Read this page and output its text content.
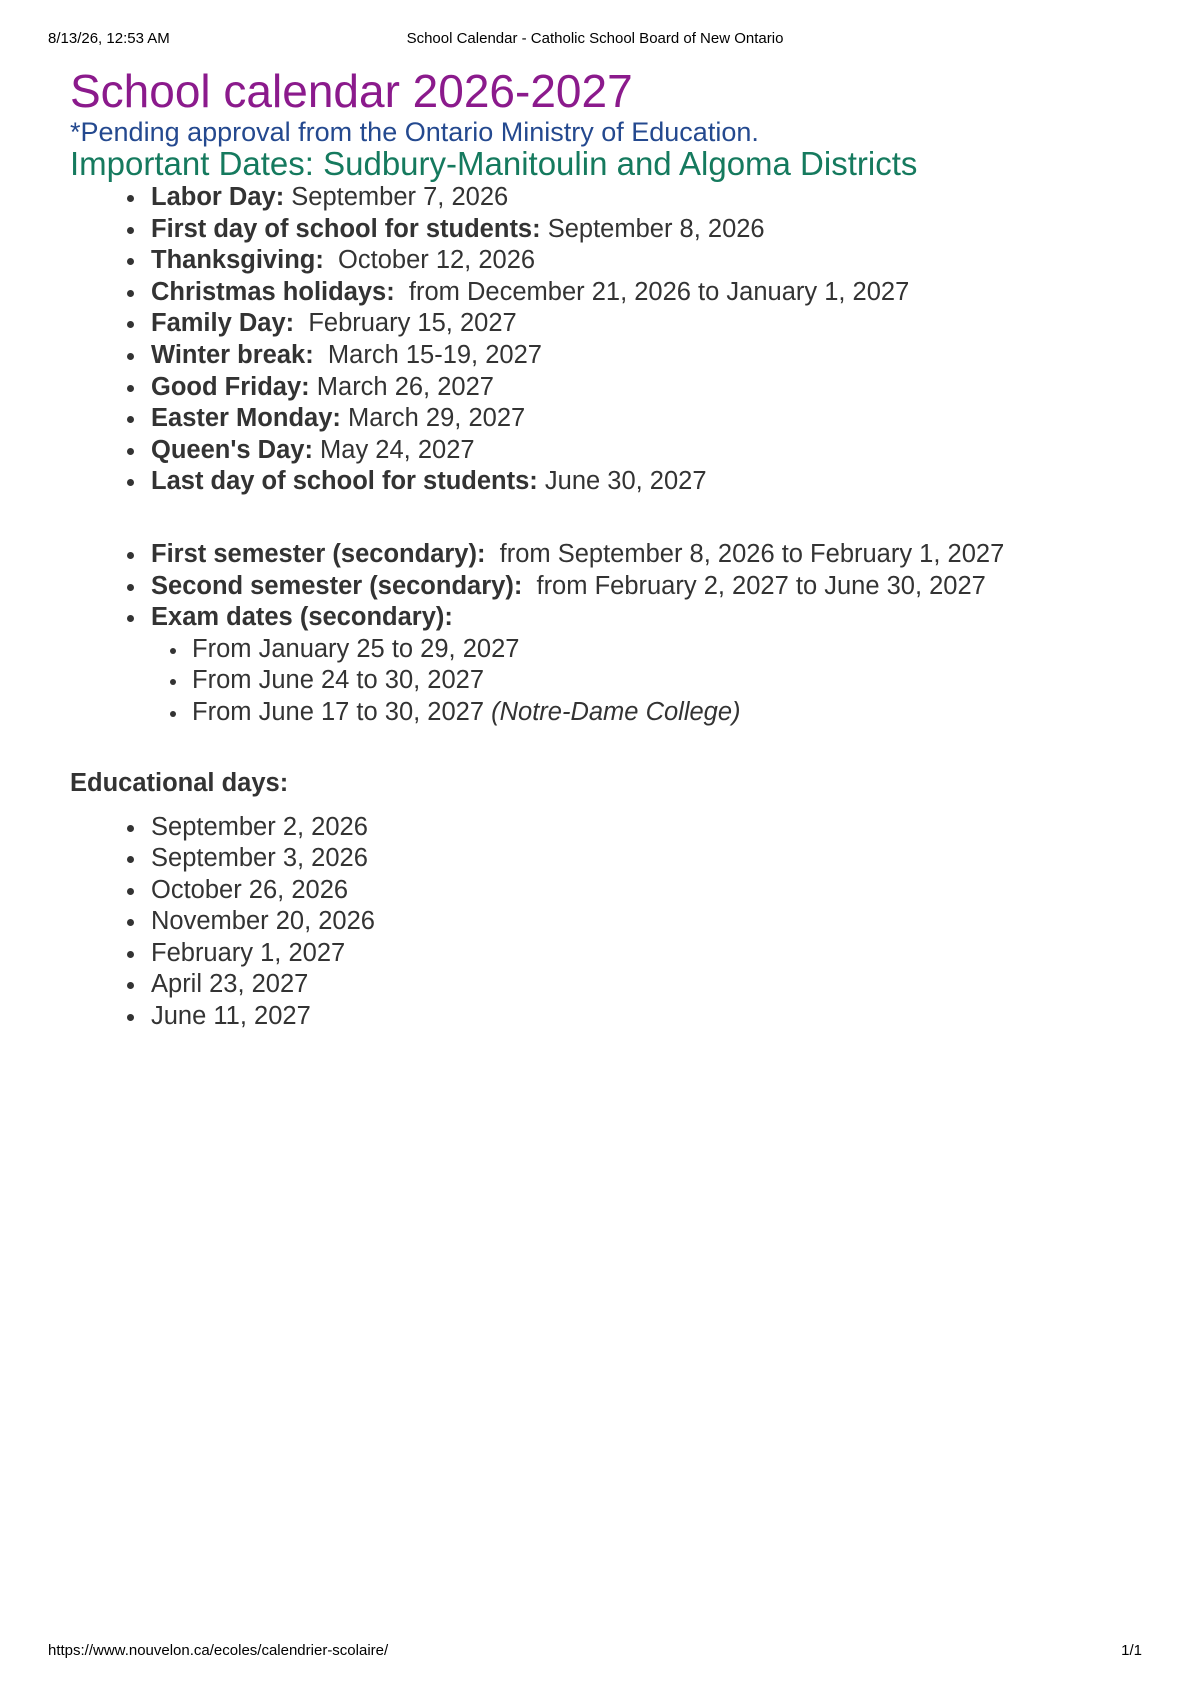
8/13/26, 12:53 AM	School Calendar - Catholic School Board of New Ontario
School calendar 2026-2027

*Pending approval from the Ontario Ministry of Education.

Important Dates: Sudbury-Manitoulin and Algoma Districts
Labor Day: September 7, 2026
First day of school for students: September 8, 2026
Thanksgiving: October 12, 2026
Christmas holidays: from December 21, 2026 to January 1, 2027
Family Day: February 15, 2027
Winter break: March 15-19, 2027
Good Friday: March 26, 2027
Easter Monday: March 29, 2027
Queen's Day: May 24, 2027
Last day of school for students: June 30, 2027
First semester (secondary): from September 8, 2026 to February 1, 2027
Second semester (secondary): from February 2, 2027 to June 30, 2027
Exam dates (secondary):
From January 25 to 29, 2027
From June 24 to 30, 2027
From June 17 to 30, 2027 (Notre-Dame College)
Educational days:
September 2, 2026
September 3, 2026
October 26, 2026
November 20, 2026
February 1, 2027
April 23, 2027
June 11, 2027
https://www.nouvelon.ca/ecoles/calendrier-scolaire/	1/1
